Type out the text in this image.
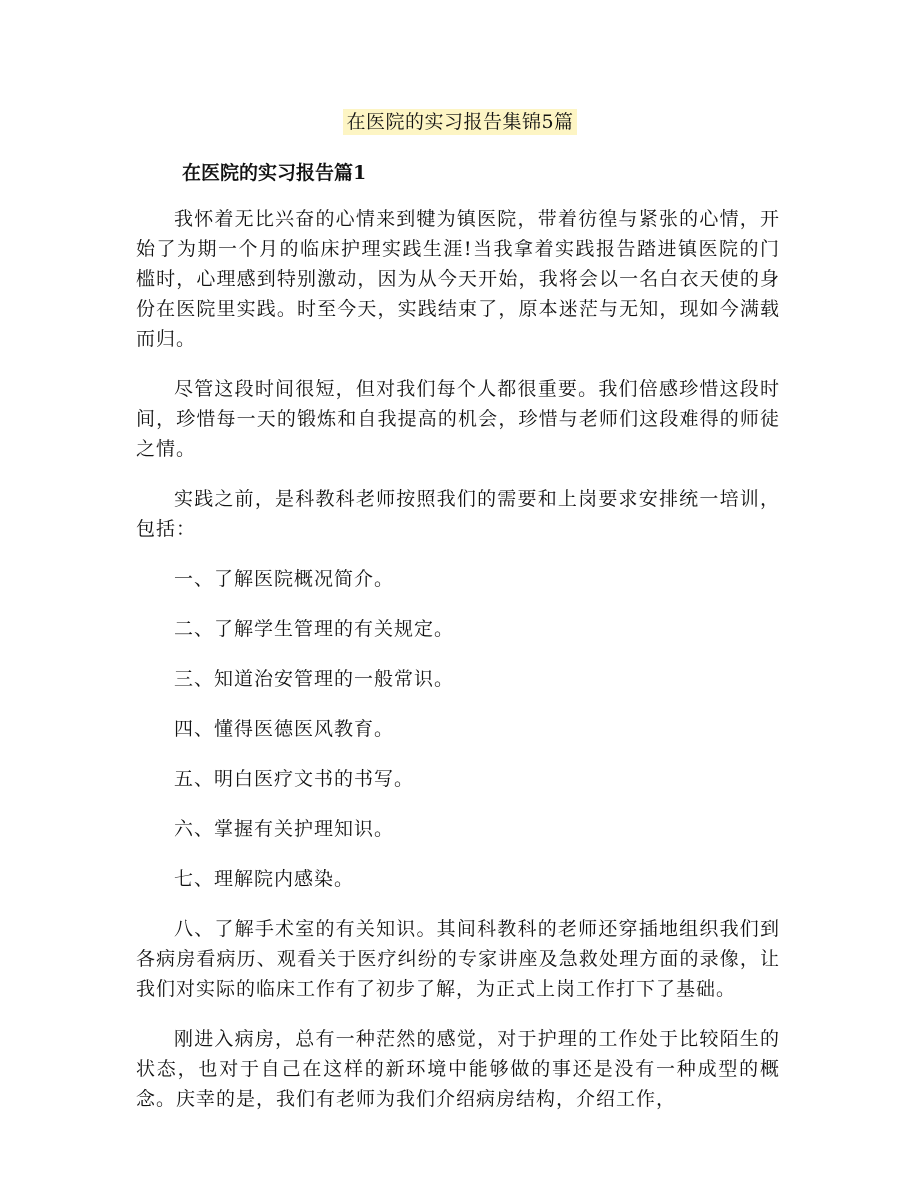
在医院的实习报告集锦5篇
在医院的实习报告篇1

我怀着无比兴奋的心情来到犍为镇医院，带着彷徨与紧张的心情，开始了为期一个月的临床护理实践生涯!当我拿着实践报告踏进镇医院的门槛时，心理感到特别激动，因为从今天开始，我将会以一名白衣天使的身份在医院里实践。时至今天，实践结束了，原本迷茫与无知，现如今满载而归。

尽管这段时间很短，但对我们每个人都很重要。我们倍感珍惜这段时间，珍惜每一天的锻炼和自我提高的机会，珍惜与老师们这段难得的师徒之情。

实践之前，是科教科老师按照我们的需要和上岗要求安排统一培训，包括：

一、了解医院概况简介。

二、了解学生管理的有关规定。

三、知道治安管理的一般常识。

四、懂得医德医风教育。

五、明白医疗文书的书写。

六、掌握有关护理知识。

七、理解院内感染。

八、了解手术室的有关知识。其间科教科的老师还穿插地组织我们到各病房看病历、观看关于医疗纠纷的专家讲座及急救处理方面的录像，让我们对实际的临床工作有了初步了解，为正式上岗工作打下了基础。

刚进入病房，总有一种茫然的感觉，对于护理的工作处于比较陌生的状态，也对于自己在这样的新环境中能够做的事还是没有一种成型的概念。庆幸的是，我们有老师为我们介绍病房结构，介绍工作，
